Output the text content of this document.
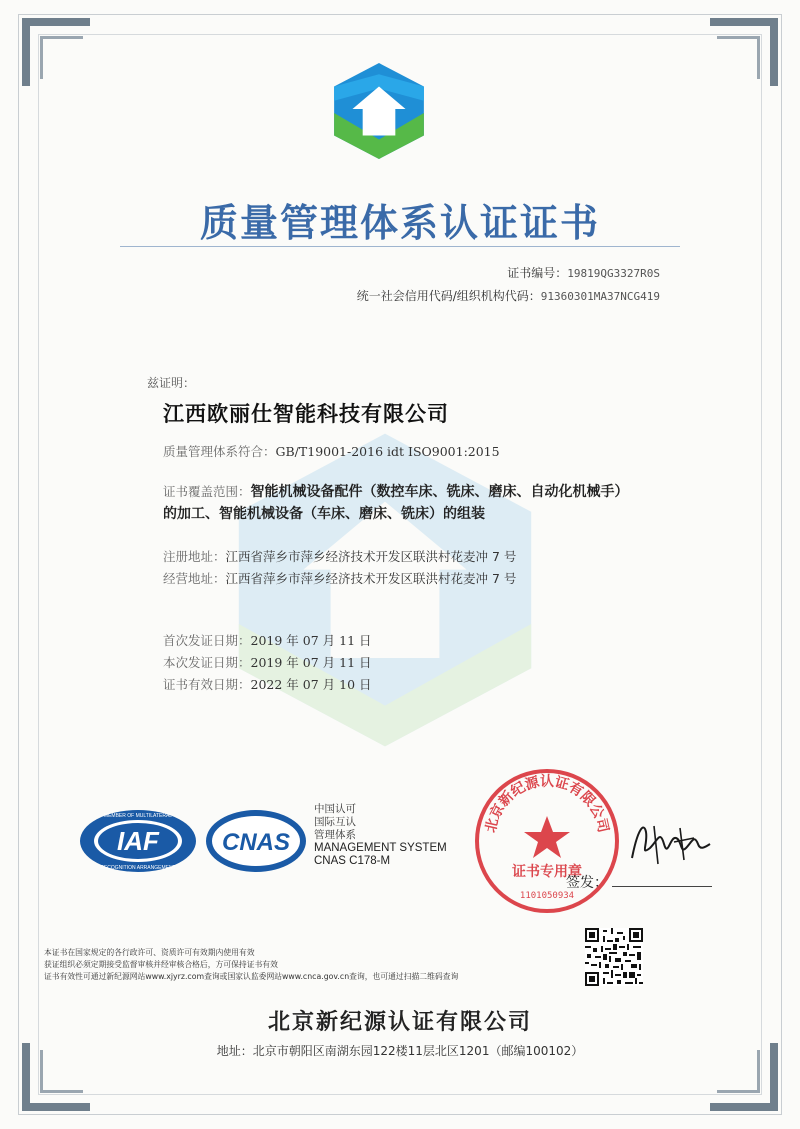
质量管理体系认证证书
证书编号：19819QG3327R0S
统一社会信用代码/组织机构代码：91360301MA37NCG419
兹证明：
江西欧丽仕智能科技有限公司
质量管理体系符合：GB/T19001-2016 idt ISO9001:2015
证书覆盖范围：智能机械设备配件（数控车床、铣床、磨床、自动化机械手）
的加工、智能机械设备（车床、磨床、铣床）的组装
注册地址：江西省萍乡市萍乡经济技术开发区联洪村花麦冲 7 号
经营地址：江西省萍乡市萍乡经济技术开发区联洪村花麦冲 7 号
首次发证日期：2019 年 07 月 11 日
本次发证日期：2019 年 07 月 11 日
证书有效日期：2022 年 07 月 10 日
IAF
MEMBER OF MULTILATERAL
RECOGNITION ARRANGEMENT
CNAS
中国认可
国际互认
管理体系
MANAGEMENT SYSTEM
CNAS C178-M
北京新纪源认证有限公司
证书专用章
1101050934
签发：
本证书在国家规定的各行政许可、资质许可有效期内使用有效
获证组织必须定期接受监督审核并经审核合格后，方可保持证书有效
证书有效性可通过新纪源网站www.xjyrz.com查询或国家认监委网站www.cnca.gov.cn查询，也可通过扫描二维码查询
北京新纪源认证有限公司
地址：北京市朝阳区南湖东园122楼11层北区1201（邮编100102）
